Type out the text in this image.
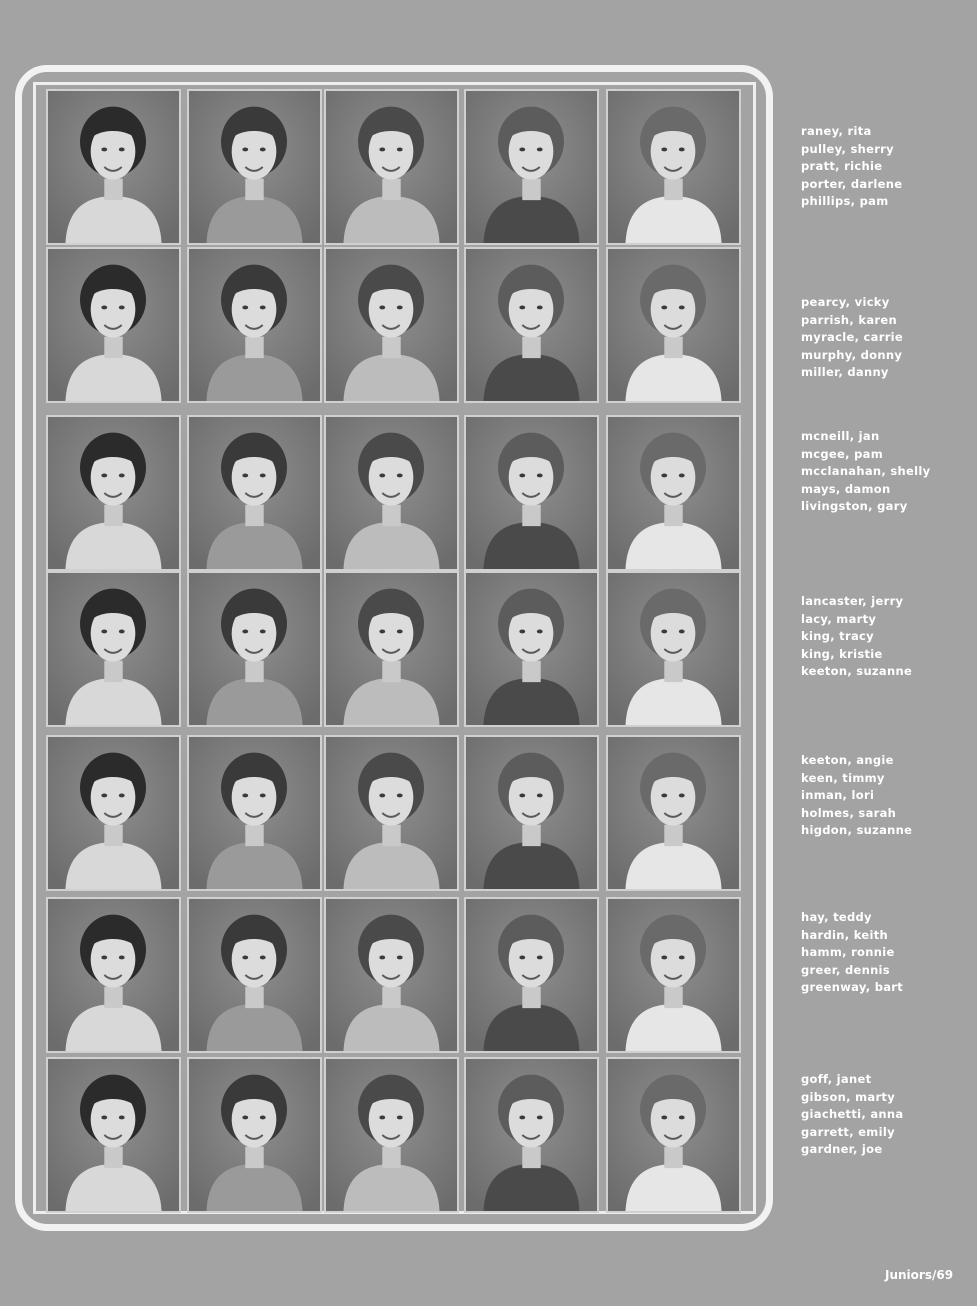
raney, rita
pulley, sherry
pratt, richie
porter, darlene
phillips, pam
pearcy, vicky
parrish, karen
myracle, carrie
murphy, donny
miller, danny
mcneill, jan
mcgee, pam
mcclanahan, shelly
mays, damon
livingston, gary
lancaster, jerry
lacy, marty
king, tracy
king, kristie
keeton, suzanne
keeton, angie
keen, timmy
inman, lori
holmes, sarah
higdon, suzanne
hay, teddy
hardin, keith
hamm, ronnie
greer, dennis
greenway, bart
goff, janet
gibson, marty
giachetti, anna
garrett, emily
gardner, joe
Juniors/69
